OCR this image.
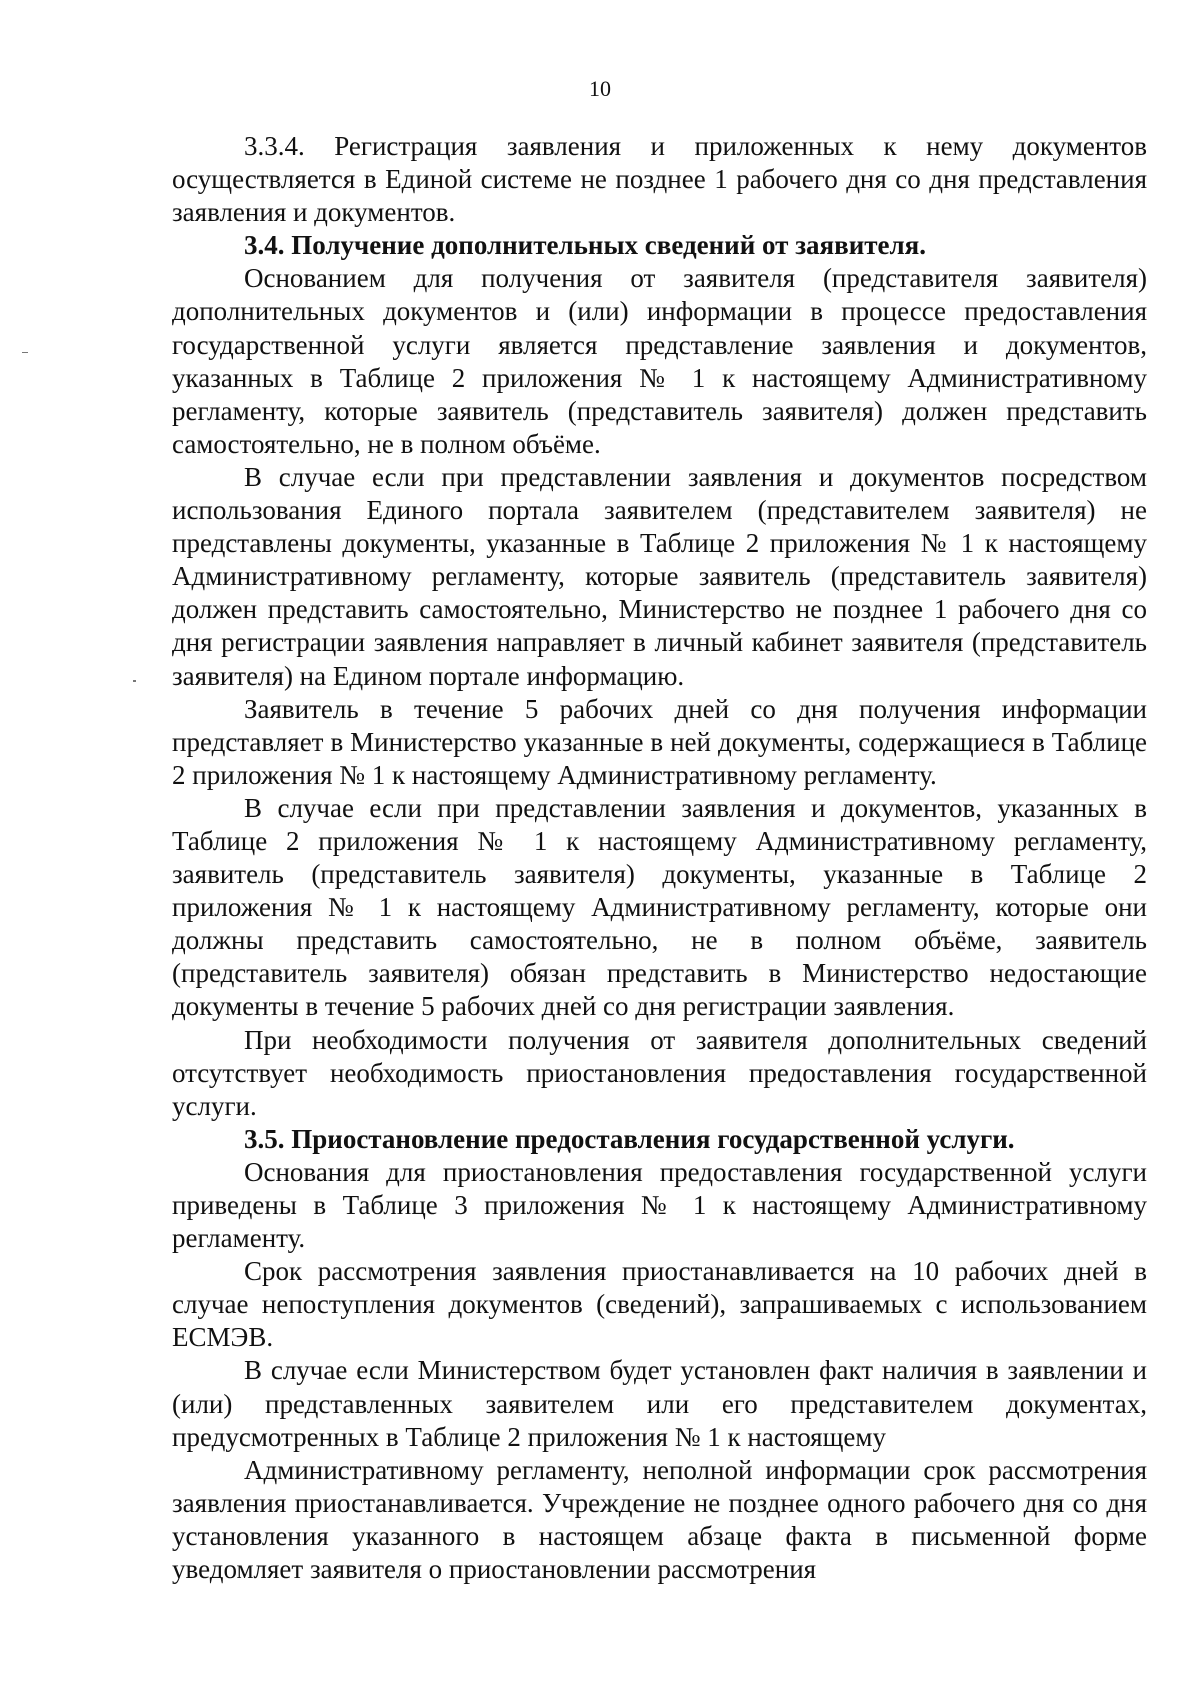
10

3.3.4. Регистрация заявления и приложенных к нему документов осуществляется в Единой системе не позднее 1 рабочего дня со дня представления заявления и документов.

3.4. Получение дополнительных сведений от заявителя.

Основанием для получения от заявителя (представителя заявителя) дополнительных документов и (или) информации в процессе предоставления государственной услуги является представление заявления и документов, указанных в Таблице 2 приложения № 1 к настоящему Административному регламенту, которые заявитель (представитель заявителя) должен представить самостоятельно, не в полном объёме.

В случае если при представлении заявления и документов посредством использования Единого портала заявителем (представителем заявителя) не представлены документы, указанные в Таблице 2 приложения № 1 к настоящему Административному регламенту, которые заявитель (представитель заявителя) должен представить самостоятельно, Министерство не позднее 1 рабочего дня со дня регистрации заявления направляет в личный кабинет заявителя (представитель заявителя) на Едином портале информацию.

Заявитель в течение 5 рабочих дней со дня получения информации представляет в Министерство указанные в ней документы, содержащиеся в Таблице 2 приложения № 1 к настоящему Административному регламенту.

В случае если при представлении заявления и документов, указанных в Таблице 2 приложения № 1 к настоящему Административному регламенту, заявитель (представитель заявителя) документы, указанные в Таблице 2 приложения № 1 к настоящему Административному регламенту, которые они должны представить самостоятельно, не в полном объёме, заявитель (представитель заявителя) обязан представить в Министерство недостающие документы в течение 5 рабочих дней со дня регистрации заявления.

При необходимости получения от заявителя дополнительных сведений отсутствует необходимость приостановления предоставления государственной услуги.

3.5. Приостановление предоставления государственной услуги.

Основания для приостановления предоставления государственной услуги приведены в Таблице 3 приложения № 1 к настоящему Административному регламенту.

Срок рассмотрения заявления приостанавливается на 10 рабочих дней в случае непоступления документов (сведений), запрашиваемых с использованием ЕСМЭВ.

В случае если Министерством будет установлен факт наличия в заявлении и (или) представленных заявителем или его представителем документах, предусмотренных в Таблице 2 приложения № 1 к настоящему

Административному регламенту, неполной информации срок рассмотрения заявления приостанавливается. Учреждение не позднее одного рабочего дня со дня установления указанного в настоящем абзаце факта в письменной форме уведомляет заявителя о приостановлении рассмотрения
